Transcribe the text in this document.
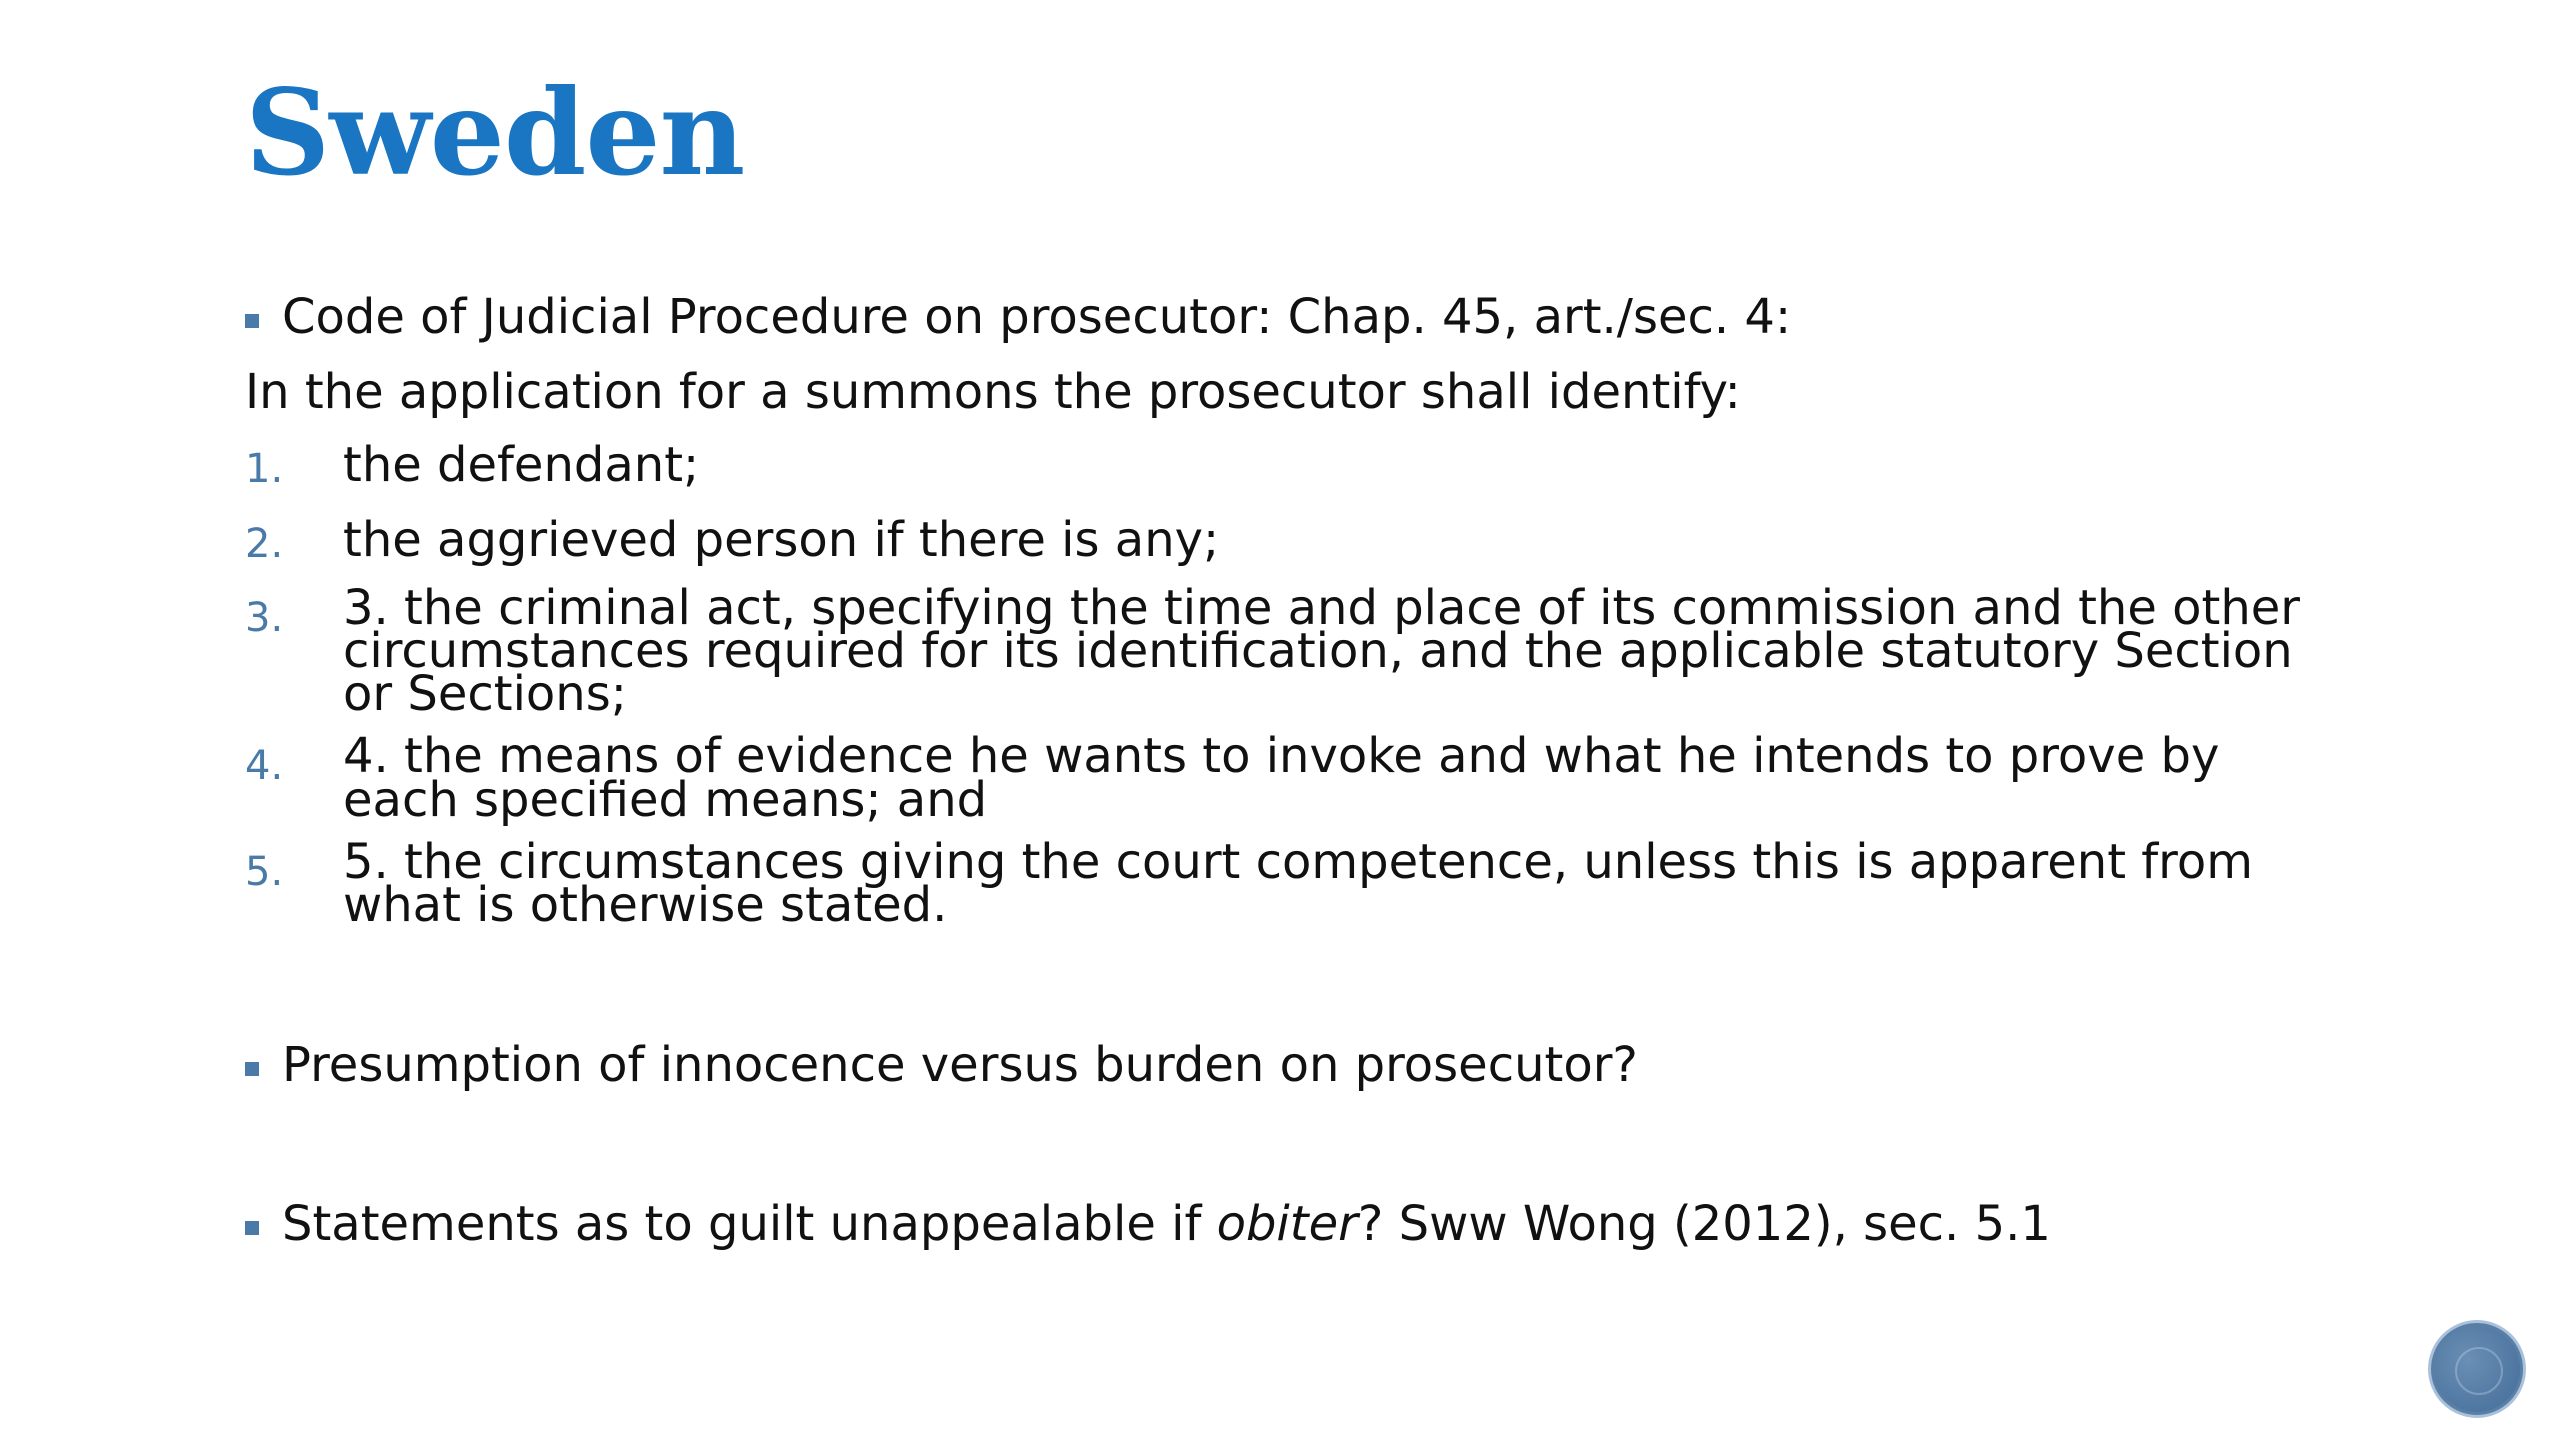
Sweden
Code of Judicial Procedure on prosecutor: Chap. 45, art./sec. 4:
In the application for a summons the prosecutor shall identify:
1.	the defendant;
2.	the aggrieved person if there is any;
3.	3. the criminal act, specifying the time and place of its commission and the other circumstances required for its identification, and the applicable statutory Section or Sections;
4.	4. the means of evidence he wants to invoke and what he intends to prove by each specified means; and
5.	5. the circumstances giving the court competence, unless this is apparent from what is otherwise stated.
Presumption of innocence versus burden on prosecutor?
Statements as to guilt unappealable if obiter? Sww Wong (2012), sec. 5.1
